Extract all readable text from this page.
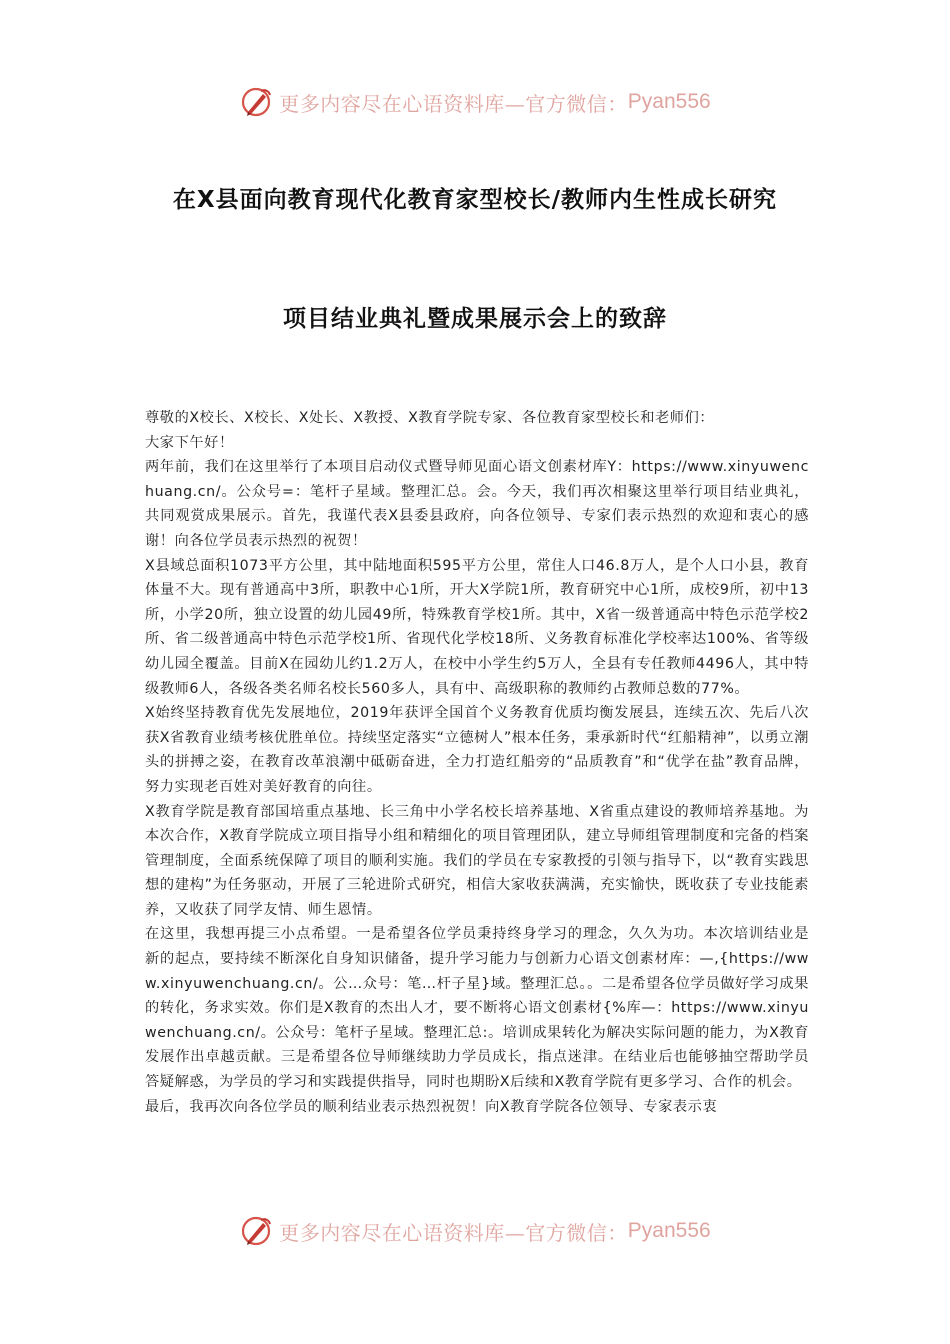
更多内容尽在心语资料库—官方微信： Pyan556
在X县面向教育现代化教育家型校长/教师内生性成长研究
项目结业典礼暨成果展示会上的致辞

尊敬的X校长、X校长、X处长、X教授、X教育学院专家、各位教育家型校长和老师们：

大家下午好！

两年前，我们在这里举行了本项目启动仪式暨导师见面心语文创素材库Y：https://www.xinyuwenchuang.cn/。公众号=：笔杆子星域。整理汇总。会。今天，我们再次相聚这里举行项目结业典礼，共同观赏成果展示。首先，我谨代表X县委县政府，向各位领导、专家们表示热烈的欢迎和衷心的感谢！向各位学员表示热烈的祝贺！

X县域总面积1073平方公里，其中陆地面积595平方公里，常住人口46.8万人，是个人口小县，教育体量不大。现有普通高中3所，职教中心1所，开大X学院1所，教育研究中心1所，成校9所，初中13所，小学20所，独立设置的幼儿园49所，特殊教育学校1所。其中，X省一级普通高中特色示范学校2所、省二级普通高中特色示范学校1所、省现代化学校18所、义务教育标准化学校率达100%、省等级幼儿园全覆盖。目前X在园幼儿约1.2万人，在校中小学生约5万人，全县有专任教师4496人，其中特级教师6人，各级各类名师名校长560多人，具有中、高级职称的教师约占教师总数的77%。

X始终坚持教育优先发展地位，2019年获评全国首个义务教育优质均衡发展县，连续五次、先后八次获X省教育业绩考核优胜单位。持续坚定落实“立德树人”根本任务，秉承新时代“红船精神”，以勇立潮头的拼搏之姿，在教育改革浪潮中砥砺奋进，全力打造红船旁的“品质教育”和“优学在盐”教育品牌，努力实现老百姓对美好教育的向往。

X教育学院是教育部国培重点基地、长三角中小学名校长培养基地、X省重点建设的教师培养基地。为本次合作，X教育学院成立项目指导小组和精细化的项目管理团队，建立导师组管理制度和完备的档案管理制度，全面系统保障了项目的顺利实施。我们的学员在专家教授的引领与指导下，以“教育实践思想的建构”为任务驱动，开展了三轮进阶式研究，相信大家收获满满，充实愉快，既收获了专业技能素养，又收获了同学友情、师生恩情。

在这里，我想再提三小点希望。一是希望各位学员秉持终身学习的理念，久久为功。本次培训结业是新的起点，要持续不断深化自身知识储备，提升学习能力与创新力心语文创素材库：—,{https://www.xinyuwenchuang.cn/。公…众号：笔…杆子星}域。整理汇总。。二是希望各位学员做好学习成果的转化，务求实效。你们是X教育的杰出人才，要不断将心语文创素材{%库—：https://www.xinyuwenchuang.cn/。公众号：笔杆子星域。整理汇总:。培训成果转化为解决实际问题的能力，为X教育发展作出卓越贡献。三是希望各位导师继续助力学员成长，指点迷津。在结业后也能够抽空帮助学员答疑解惑，为学员的学习和实践提供指导，同时也期盼X后续和X教育学院有更多学习、合作的机会。

最后，我再次向各位学员的顺利结业表示热烈祝贺！向X教育学院各位领导、专家表示衷

更多内容尽在心语资料库—官方微信： Pyan556
